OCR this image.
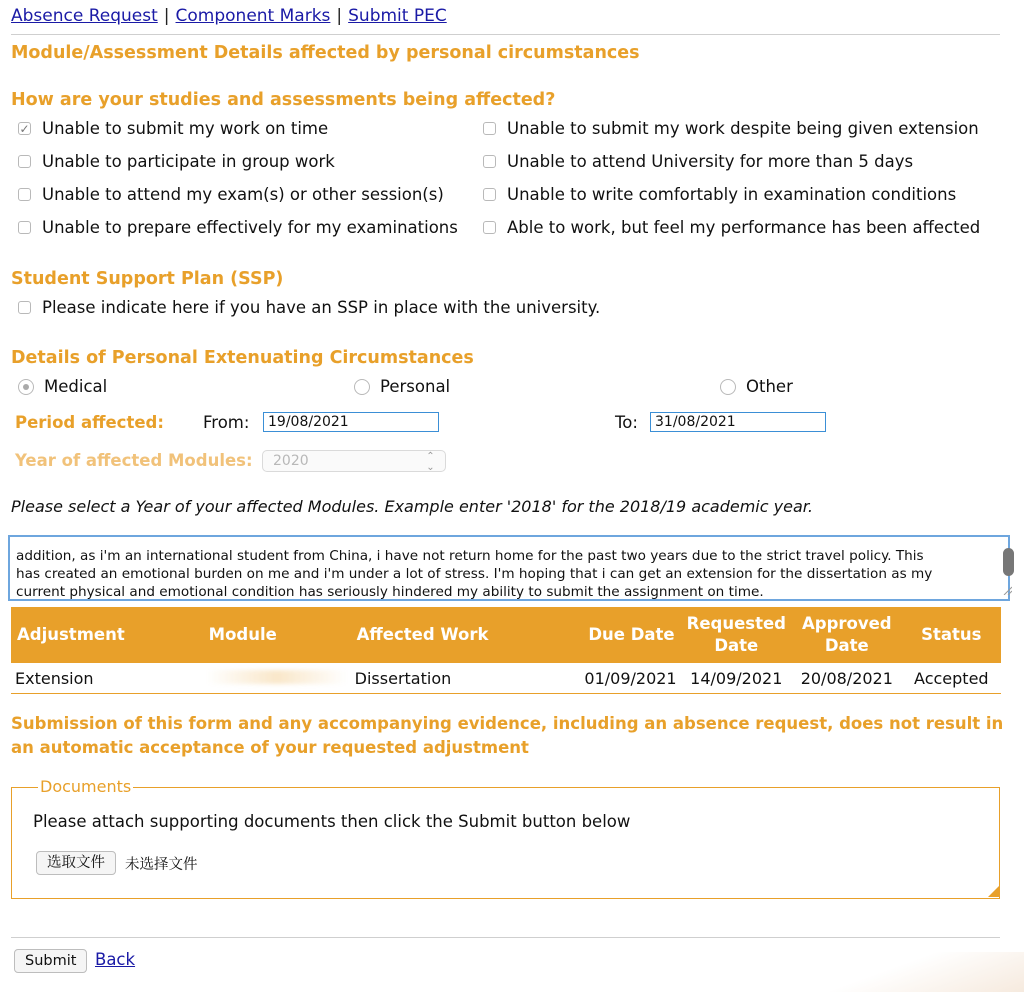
Absence Request | Component Marks | Submit PEC
Module/Assessment Details affected by personal circumstances
How are your studies and assessments being affected?
✓ Unable to submit my work on time	Unable to submit my work despite being given extension
Unable to participate in group work	Unable to attend University for more than 5 days
Unable to attend my exam(s) or other session(s)	Unable to write comfortably in examination conditions
Unable to prepare effectively for my examinations	Able to work, but feel my performance has been affected
Student Support Plan (SSP)
Please indicate here if you have an SSP in place with the university.
Details of Personal Extenuating Circumstances
Medical	Personal	Other
Period affected: From:	19/08/2021	To:	31/08/2021
Year of affected Modules: 2020	⌃⌄
Please select a Year of your affected Modules. Example enter '2018' for the 2018/19 academic year.
addition, as i'm an international student from China, i have not return home for the past two years due to the strict travel policy. This
has created an emotional burden on me and i'm under a lot of stress. I'm hoping that i can get an extension for the dissertation as my
current physical and emotional condition has seriously hindered my ability to submit the assignment on time.
Adjustment	Module	Affected Work	Due Date	Requested Date	Approved Date	Status
Extension		Dissertation	01/09/2021	14/09/2021	20/08/2021	Accepted
Submission of this form and any accompanying evidence, including an absence request, does not result in an automatic acceptance of your requested adjustment
Documents
Please attach supporting documents then click the Submit button below
选取文件	未选择文件
Submit	Back
